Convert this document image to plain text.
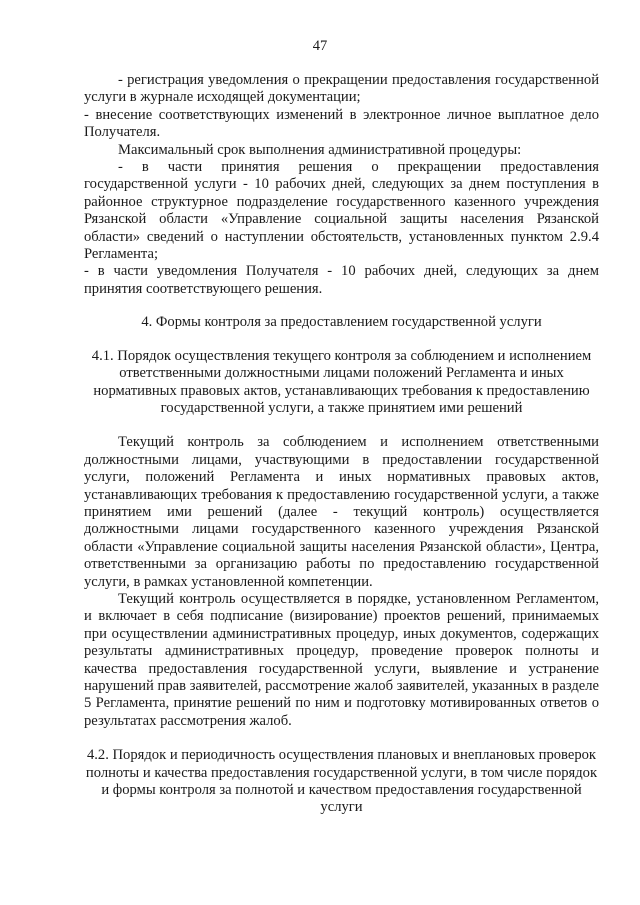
47

- регистрация уведомления о прекращении предоставления государственной услуги в журнале исходящей документации;

- внесение соответствующих изменений в электронное личное выплатное дело Получателя.

Максимальный срок выполнения административной процедуры:

- в части принятия решения о прекращении предоставления государственной услуги - 10 рабочих дней, следующих за днем поступления в районное структурное подразделение государственного казенного учреждения Рязанской области «Управление социальной защиты населения Рязанской области» сведений о наступлении обстоятельств, установленных пунктом 2.9.4 Регламента;

- в части уведомления Получателя - 10 рабочих дней, следующих за днем принятия соответствующего решения.

4. Формы контроля за предоставлением государственной услуги

4.1. Порядок осуществления текущего контроля за соблюдением и исполнением ответственными должностными лицами положений Регламента и иных нормативных правовых актов, устанавливающих требования к предоставлению государственной услуги, а также принятием ими решений

Текущий контроль за соблюдением и исполнением ответственными должностными лицами, участвующими в предоставлении государственной услуги, положений Регламента и иных нормативных правовых актов, устанавливающих требования к предоставлению государственной услуги, а также принятием ими решений (далее - текущий контроль) осуществляется должностными лицами государственного казенного учреждения Рязанской области «Управление социальной защиты населения Рязанской области», Центра, ответственными за организацию работы по предоставлению государственной услуги, в рамках установленной компетенции.

Текущий контроль осуществляется в порядке, установленном Регламентом, и включает в себя подписание (визирование) проектов решений, принимаемых при осуществлении административных процедур, иных документов, содержащих результаты административных процедур, проведение проверок полноты и качества предоставления государственной услуги, выявление и устранение нарушений прав заявителей, рассмотрение жалоб заявителей, указанных в разделе 5 Регламента, принятие решений по ним и подготовку мотивированных ответов о результатах рассмотрения жалоб.

4.2. Порядок и периодичность осуществления плановых и внеплановых проверок полноты и качества предоставления государственной услуги, в том числе порядок и формы контроля за полнотой и качеством предоставления государственной услуги
